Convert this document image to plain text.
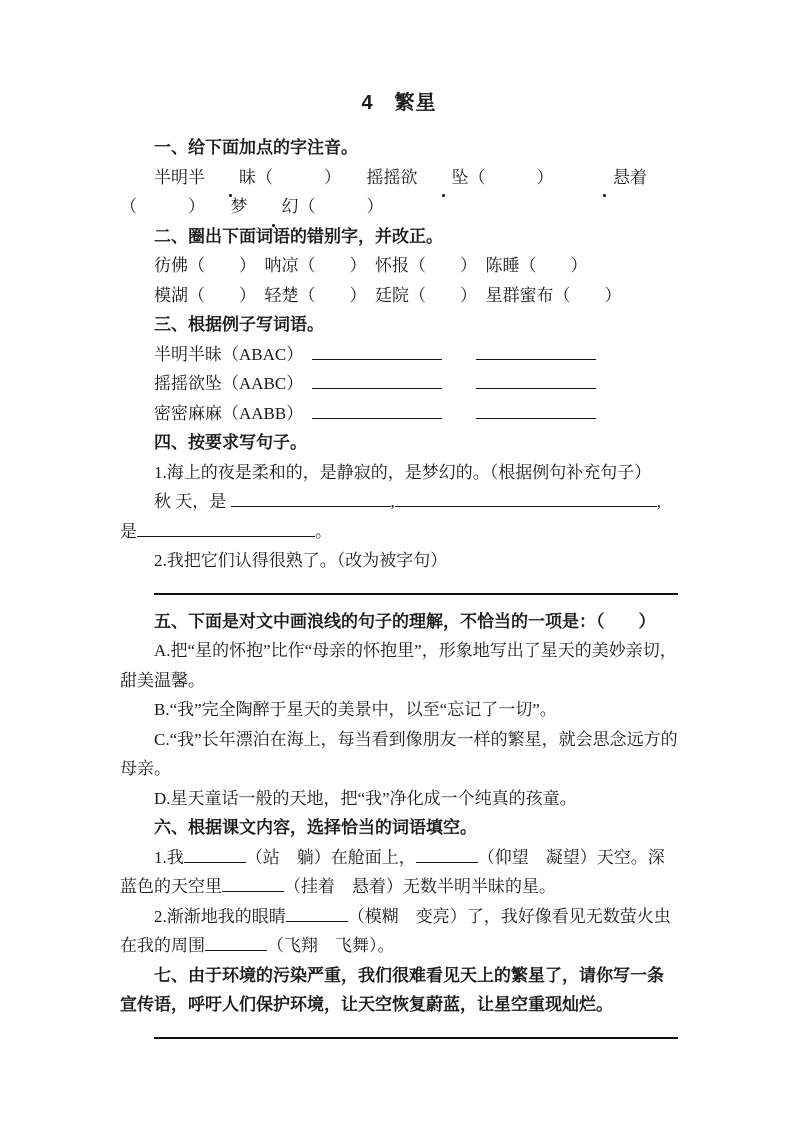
4　繁星

一、给下面加点的字注音。

半明半 昧（　　　）　　摇摇欲 坠（　　　）　　悬着（　　　）　　梦 幻（　　　）

二、圈出下面词语的错别字，并改正。

彷佛（　　）　呐凉（　　）　怀报（　　）　陈睡（　　）

模湖（　　）　轻楚（　　）　廷院（　　）　星群蜜布（　　）

三、根据例子写词语。

半明半昧（ABAC）　　　

摇摇欲坠（AABC）　　　

密密麻麻（AABB）　　　

四、按要求写句子。

1.海上的夜是柔和的，是静寂的，是梦幻的。（根据例句补充句子）

秋 天，是	,	,

是	。

2.我把它们认得很熟了。（改为被字句）

五、下面是对文中画浪线的句子的理解，不恰当的一项是：（　　）

A.把“星的怀抱”比作“母亲的怀抱里”，形象地写出了星天的美妙亲切，甜美温馨。

B.“我”完全陶醉于星天的美景中，以至“忘记了一切”。

C.“我”长年漂泊在海上，每当看到像朋友一样的繁星，就会思念远方的母亲。

D.星天童话一般的天地，把“我”净化成一个纯真的孩童。

六、根据课文内容，选择恰当的词语填空。

1.我	（站　躺）在舱面上，	（仰望　凝望）天空。深蓝色的天空里	（挂着　悬着）无数半明半昧的星。

2.渐渐地我的眼睛	（模糊　变亮）了，我好像看见无数萤火虫在我的周围	（飞翔　飞舞）。

七、由于环境的污染严重，我们很难看见天上的繁星了，请你写一条宣传语，呼吁人们保护环境，让天空恢复蔚蓝，让星空重现灿烂。
